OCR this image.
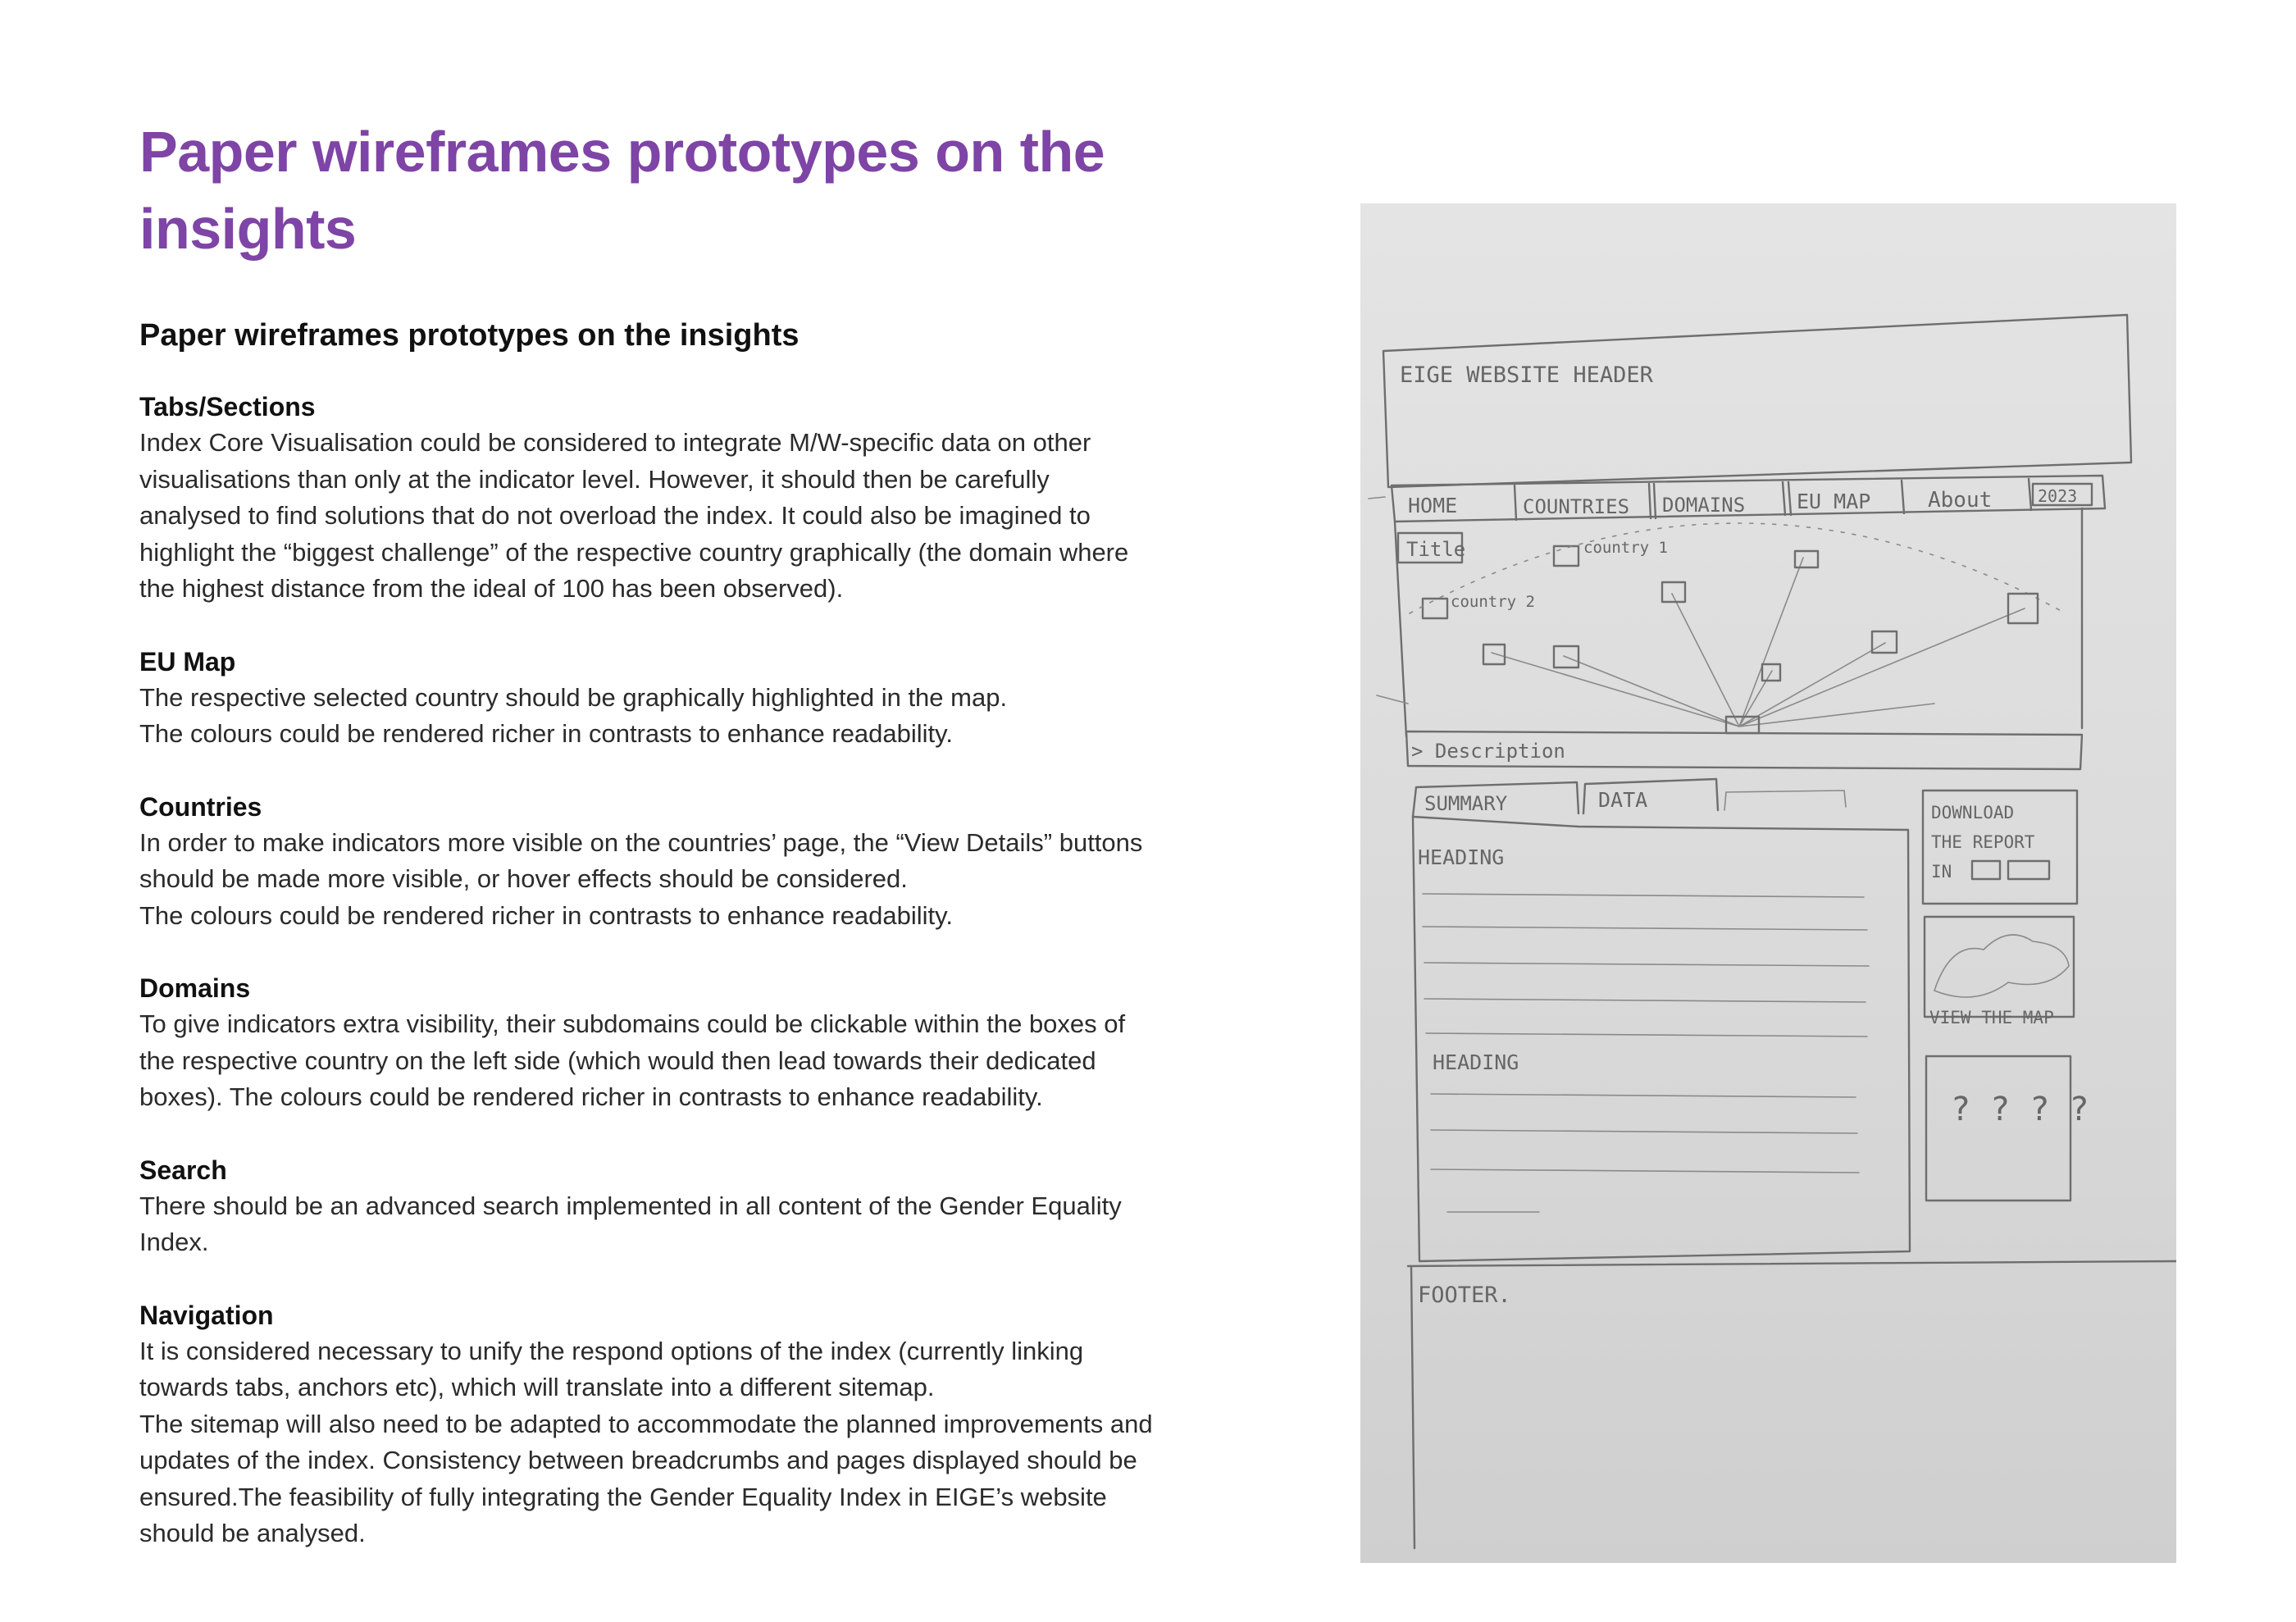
Paper wireframes prototypes on the insights
Paper wireframes prototypes on the insights
Tabs/Sections

Index Core Visualisation could be considered to integrate M/W-specific data on other visualisations than only at the indicator level. However, it should then be carefully analysed to find solutions that do not overload the index. It could also be imagined to highlight the “biggest challenge” of the respective country graphically (the domain where the highest distance from the ideal of 100 has been observed).

EU Map

The respective selected country should be graphically highlighted in the map.

The colours could be rendered richer in contrasts to enhance readability.

Countries

In order to make indicators more visible on the countries’ page, the “View Details” buttons should be made more visible, or hover effects should be considered.

The colours could be rendered richer in contrasts to enhance readability.

Domains

To give indicators extra visibility, their subdomains could be clickable within the boxes of the respective country on the left side (which would then lead towards their dedicated boxes). The colours could be rendered richer in contrasts to enhance readability.

Search

There should be an advanced search implemented in all content of the Gender Equality Index.

Navigation

It is considered necessary to unify the respond options of the index (currently linking towards tabs, anchors etc), which will translate into a different sitemap.

The sitemap will also need to be adapted to accommodate the planned improvements and updates of the index. Consistency between breadcrumbs and pages displayed should be ensured.The feasibility of fully integrating the Gender Equality Index in EIGE’s website should be analysed.

EIGE WEBSITE HEADER
HOME	COUNTRIES DOMAINS	EU MAP	About	2023
Title	country 1
country 2
> Description
SUMMARY	DATA
HEADING
HEADING
DOWNLOAD
THE REPORT
IN
VIEW THE MAP
? ? ? ?
FOOTER.
